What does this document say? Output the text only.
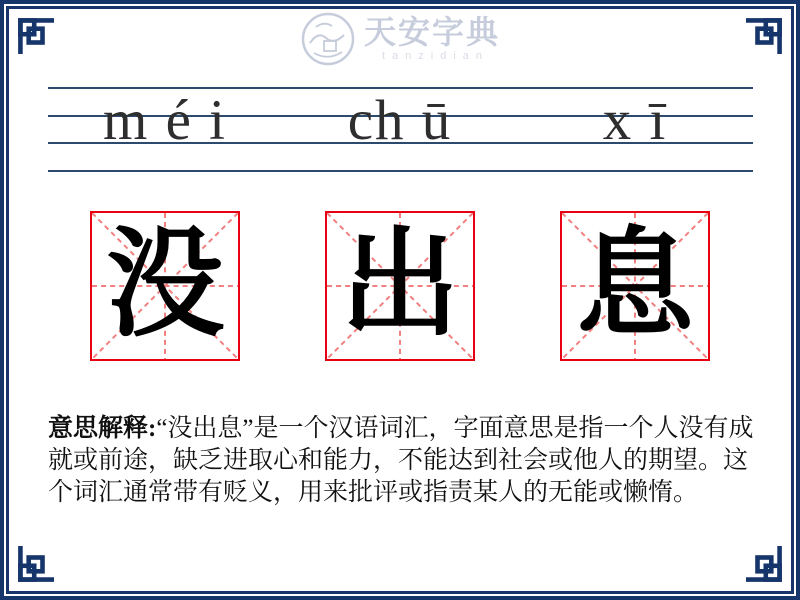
天安字典
tanzidian
m é i ch ū	x ī
没 出 息
意思解释:“没出息”是一个汉语词汇，字面意思是指一个人没有成就或前途，缺乏进取心和能力，不能达到社会或他人的期望。这个词汇通常带有贬义，用来批评或指责某人的无能或懒惰。
